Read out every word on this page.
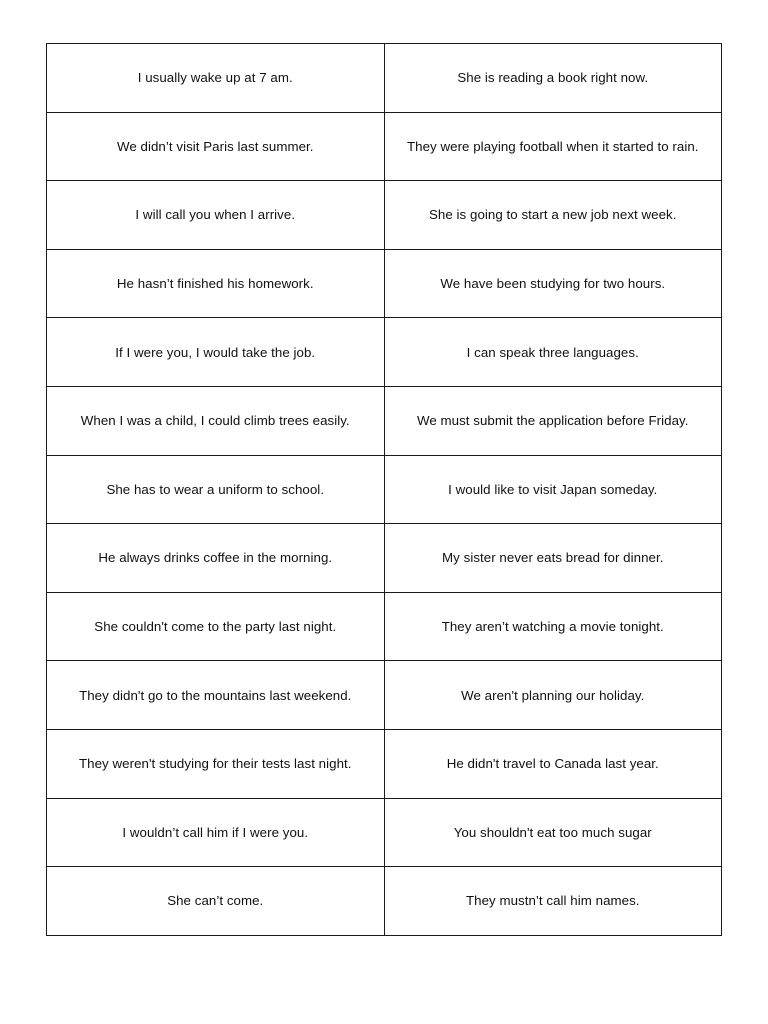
I usually wake up at 7 am.	She is reading a book right now.
We didn’t visit Paris last summer.	They were playing football when it started to rain.
I will call you when I arrive.	She is going to start a new job next week.
He hasn’t finished his homework.	We have been studying for two hours.
If I were you, I would take the job.	I can speak three languages.
When I was a child, I could climb trees easily.	We must submit the application before Friday.
She has to wear a uniform to school.	I would like to visit Japan someday.
He always drinks coffee in the morning.	My sister never eats bread for dinner.
She couldn't come to the party last night.	They aren’t watching a movie tonight.
They didn't go to the mountains last weekend.	We aren't planning our holiday.
They weren't studying for their tests last night.	He didn't travel to Canada last year.
I wouldn’t call him if I were you.	You shouldn't eat too much sugar
She can’t come.	They mustn’t call him names.
